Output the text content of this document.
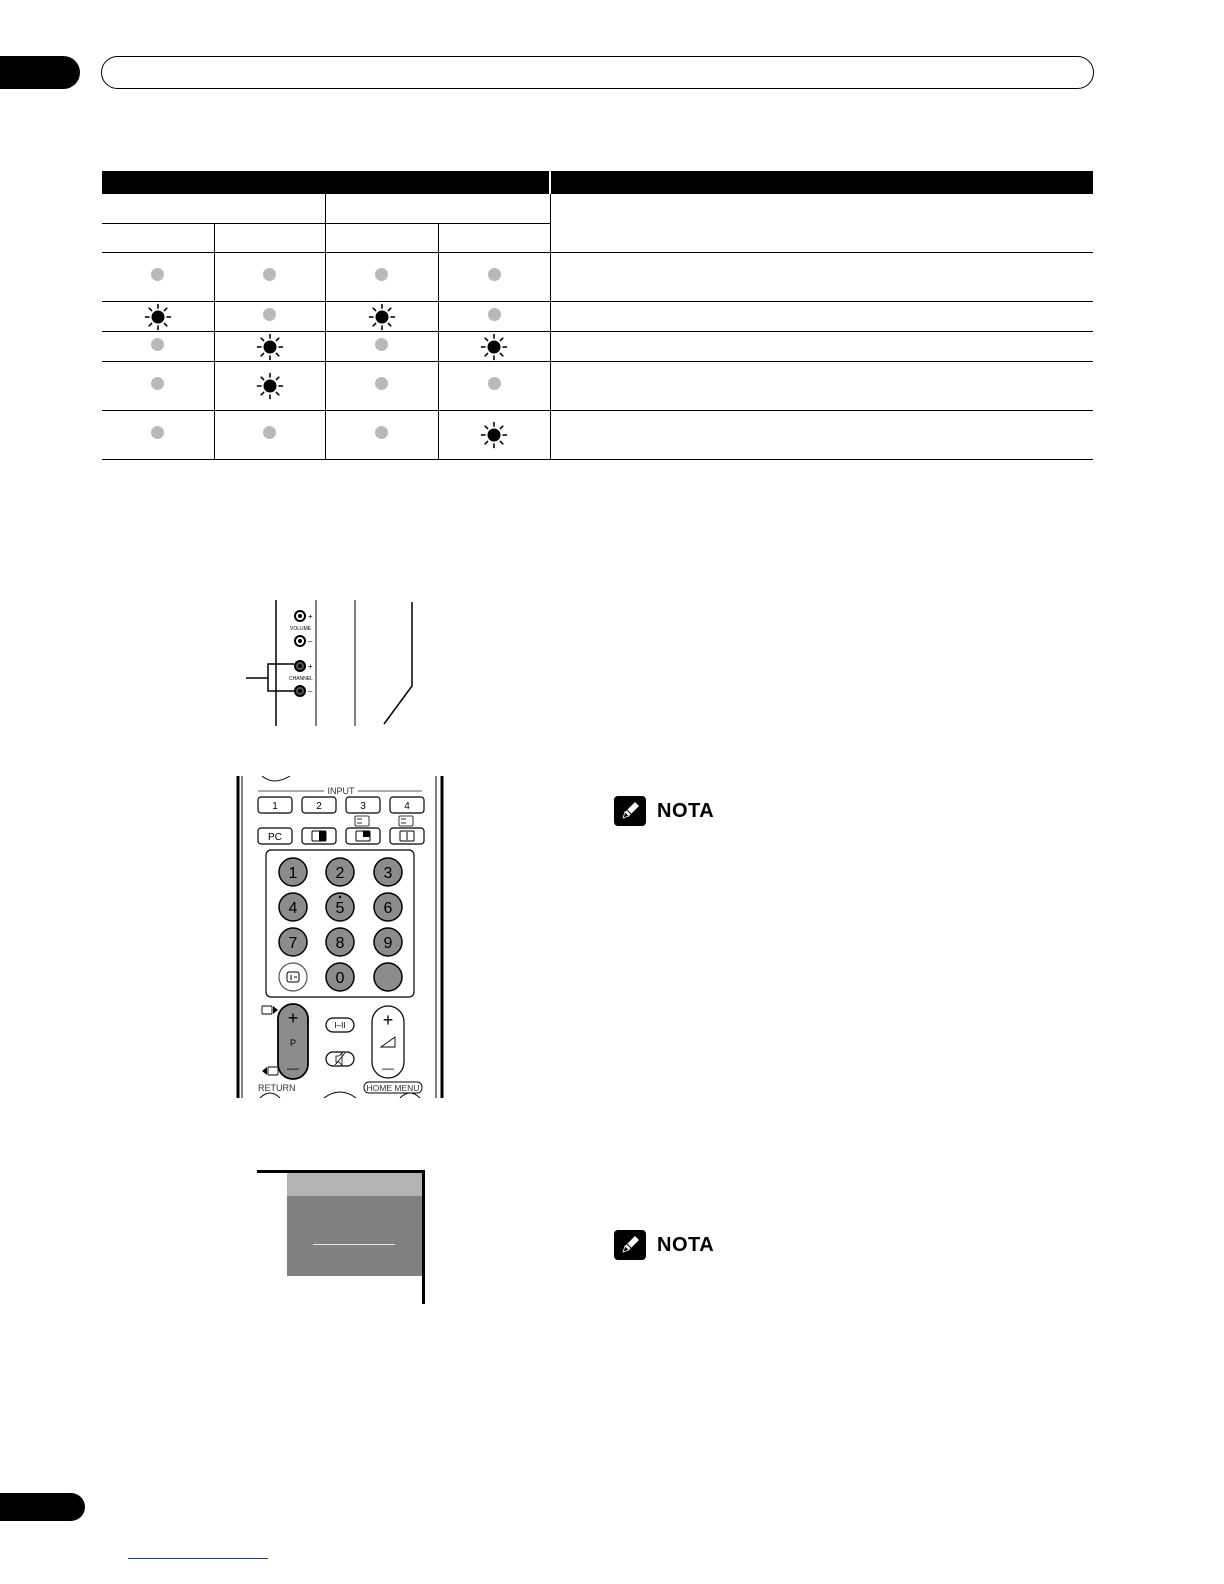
+
VOLUME
–
+
CHANNEL
–
INPUT
1	2	3	4
PC
1 2 3
4 5 6
7 8 9
0
+
P
—
I–II +
—
RETURN	HOME MENU
NOTA
NOTA
